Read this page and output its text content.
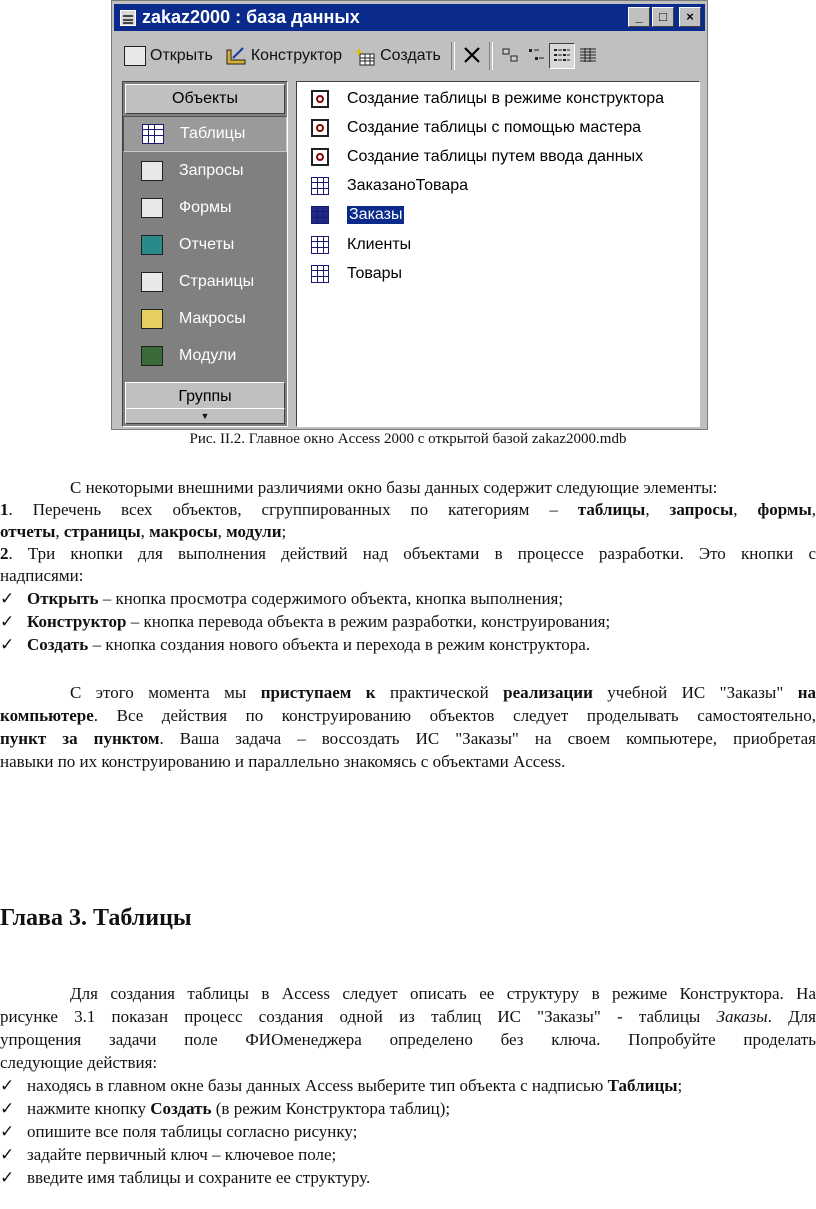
zakaz2000 : база данных	_	□	×
Открыть Конструктор Создать
Объекты
Таблицы
Запросы
Формы
Отчеты
Страницы
Макросы
Модули
Группы
▼
Создание таблицы в режиме конструктора
Создание таблицы с помощью мастера
Создание таблицы путем ввода данных
ЗаказаноТовара
Заказы
Клиенты
Товары
Рис. II.2. Главное окно Access 2000 с открытой базой zakaz2000.mdb
С некоторыми внешними различиями окно базы данных содержит следующие элементы:
1. Перечень всех объектов, сгруппированных по категориям – таблицы, запросы, формы,
отчеты, страницы, макросы, модули;
2. Три кнопки для выполнения действий над объектами в процессе разработки. Это кнопки с
надписями:
✓ Открыть – кнопка просмотра содержимого объекта, кнопка выполнения;
✓ Конструктор – кнопка перевода объекта в режим разработки, конструирования;
✓ Создать – кнопка создания нового объекта и перехода в режим конструктора.
С этого момента мы приступаем к практической реализации учебной ИС "Заказы" на
компьютере. Все действия по конструированию объектов следует проделывать самостоятельно,
пункт за пунктом. Ваша задача – воссоздать ИС "Заказы" на своем компьютере, приобретая
навыки по их конструированию и параллельно знакомясь с объектами Access.
Глава 3. Таблицы
Для создания таблицы в Access следует описать ее структуру в режиме Конструктора. На
рисунке 3.1 показан процесс создания одной из таблиц ИС "Заказы" - таблицы Заказы. Для
упрощения задачи поле ФИОменеджера определено без ключа. Попробуйте проделать
следующие действия:
✓ находясь в главном окне базы данных Access выберите тип объекта с надписью Таблицы;
✓ нажмите кнопку Создать (в режим Конструктора таблиц);
✓ опишите все поля таблицы согласно рисунку;
✓ задайте первичный ключ – ключевое поле;
✓ введите имя таблицы и сохраните ее структуру.
